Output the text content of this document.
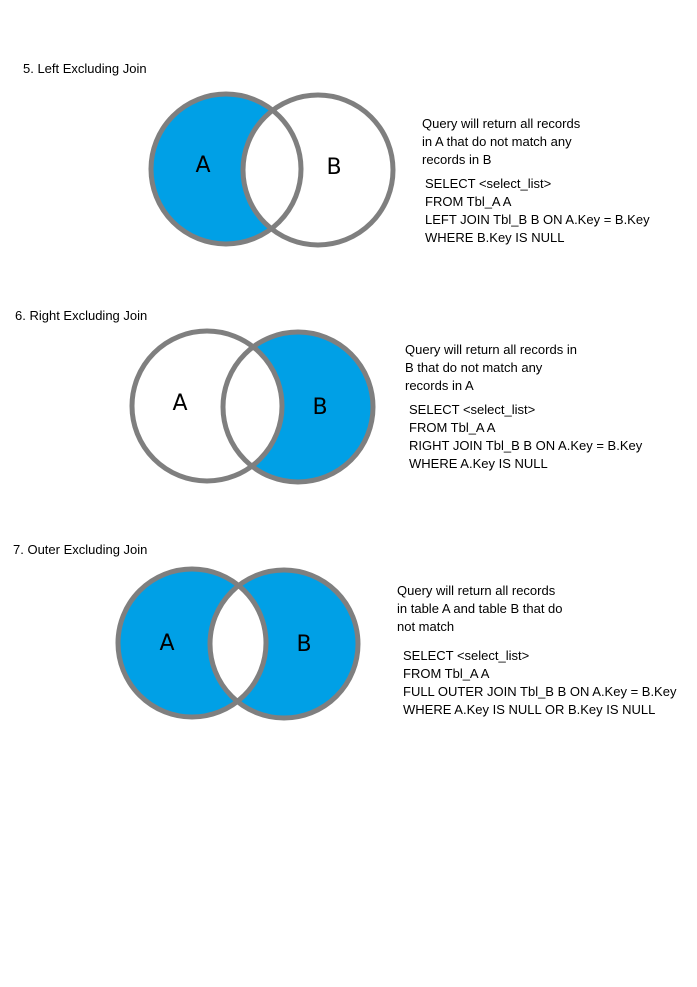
5. Left Excluding Join
A	B
Query will return all records
in A that do not match any
records in B
SELECT <select_list>
FROM Tbl_A A
LEFT JOIN Tbl_B B ON A.Key = B.Key
WHERE B.Key IS NULL
6. Right Excluding Join
A	B
Query will return all records in
B that do not match any
records in A
SELECT <select_list>
FROM Tbl_A A
RIGHT JOIN Tbl_B B ON A.Key = B.Key
WHERE A.Key IS NULL
7. Outer Excluding Join
A	B
Query will return all records
in table A and table B that do
not match
SELECT <select_list>
FROM Tbl_A A
FULL OUTER JOIN Tbl_B B ON A.Key = B.Key
WHERE A.Key IS NULL OR B.Key IS NULL
